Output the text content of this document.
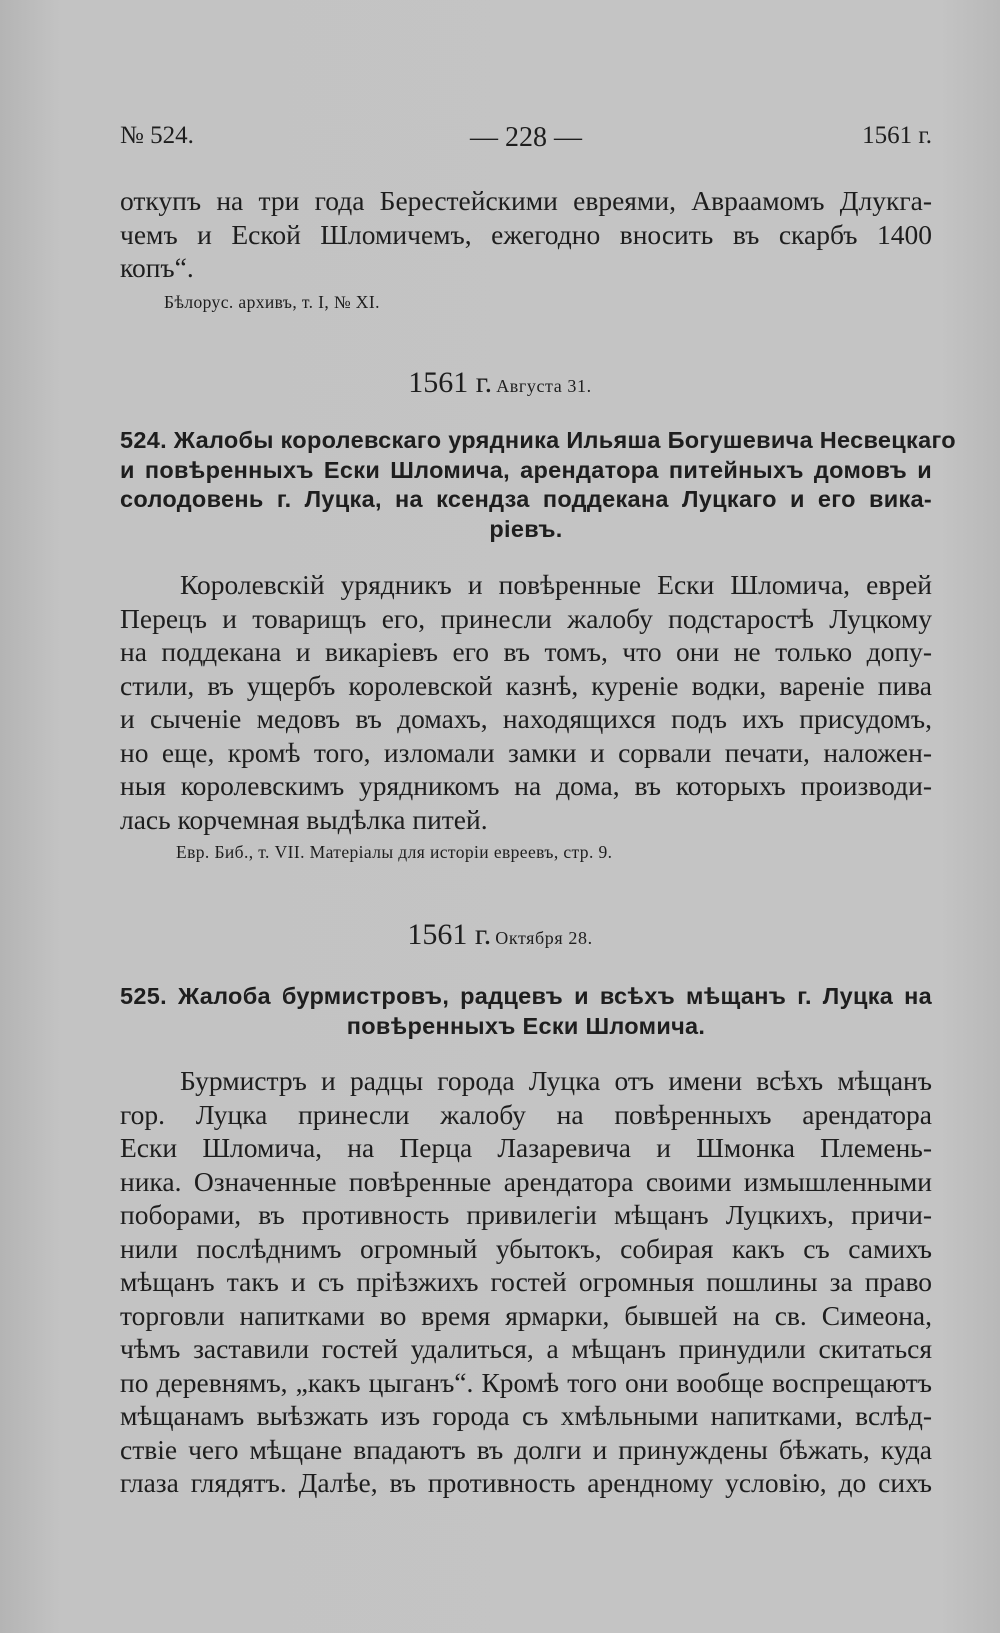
№ 524.	— 228 —	1561 г.
откупъ на три года Берестейскими евреями, Авраамомъ Длукга-
чемъ и Еской Шломичемъ, ежегодно вносить въ скарбъ 1400
копъ“.
Бѣлорус. архивъ, т. I, № XI.
1561 г. Августа 31.
524. Жалобы королевскаго урядника Ильяша Богушевича Несвецкаго
и повѣренныхъ Ески Шломича, арендатора питейныхъ домовъ и
солодовень г. Луцка, на ксендза поддекана Луцкаго и его вика-
ріевъ.
Королевскій урядникъ и повѣренные Ески Шломича, еврей
Перецъ и товарищъ его, принесли жалобу подстаростѣ Луцкому
на поддекана и викаріевъ его въ томъ, что они не только допу-
стили, въ ущербъ королевской казнѣ, куреніе водки, вареніе пива
и сыченіе медовъ въ домахъ, находящихся подъ ихъ присудомъ,
но еще, кромѣ того, изломали замки и сорвали печати, наложен-
ныя королевскимъ урядникомъ на дома, въ которыхъ производи-
лась корчемная выдѣлка питей.
Евр. Биб., т. VII. Матеріалы для исторіи евреевъ, стр. 9.
1561 г. Октября 28.
525. Жалоба бурмистровъ, радцевъ и всѣхъ мѣщанъ г. Луцка на
повѣренныхъ Ески Шломича.
Бурмистръ и радцы города Луцка отъ имени всѣхъ мѣщанъ
гор. Луцка принесли жалобу на повѣренныхъ арендатора
Ески Шломича, на Перца Лазаревича и Шмонка Племень-
ника. Означенные повѣренные арендатора своими измышленными
поборами, въ противность привилегіи мѣщанъ Луцкихъ, причи-
нили послѣднимъ огромный убытокъ, собирая какъ съ самихъ
мѣщанъ такъ и съ пріѣзжихъ гостей огромныя пошлины за право
торговли напитками во время ярмарки, бывшей на св. Симеона,
чѣмъ заставили гостей удалиться, а мѣщанъ принудили скитаться
по деревнямъ, „какъ цыганъ“. Кромѣ того они вообще воспрещаютъ
мѣщанамъ выѣзжать изъ города съ хмѣльными напитками, вслѣд-
ствіе чего мѣщане впадаютъ въ долги и принуждены бѣжать, куда
глаза глядятъ. Далѣе, въ противность арендному условію, до сихъ
